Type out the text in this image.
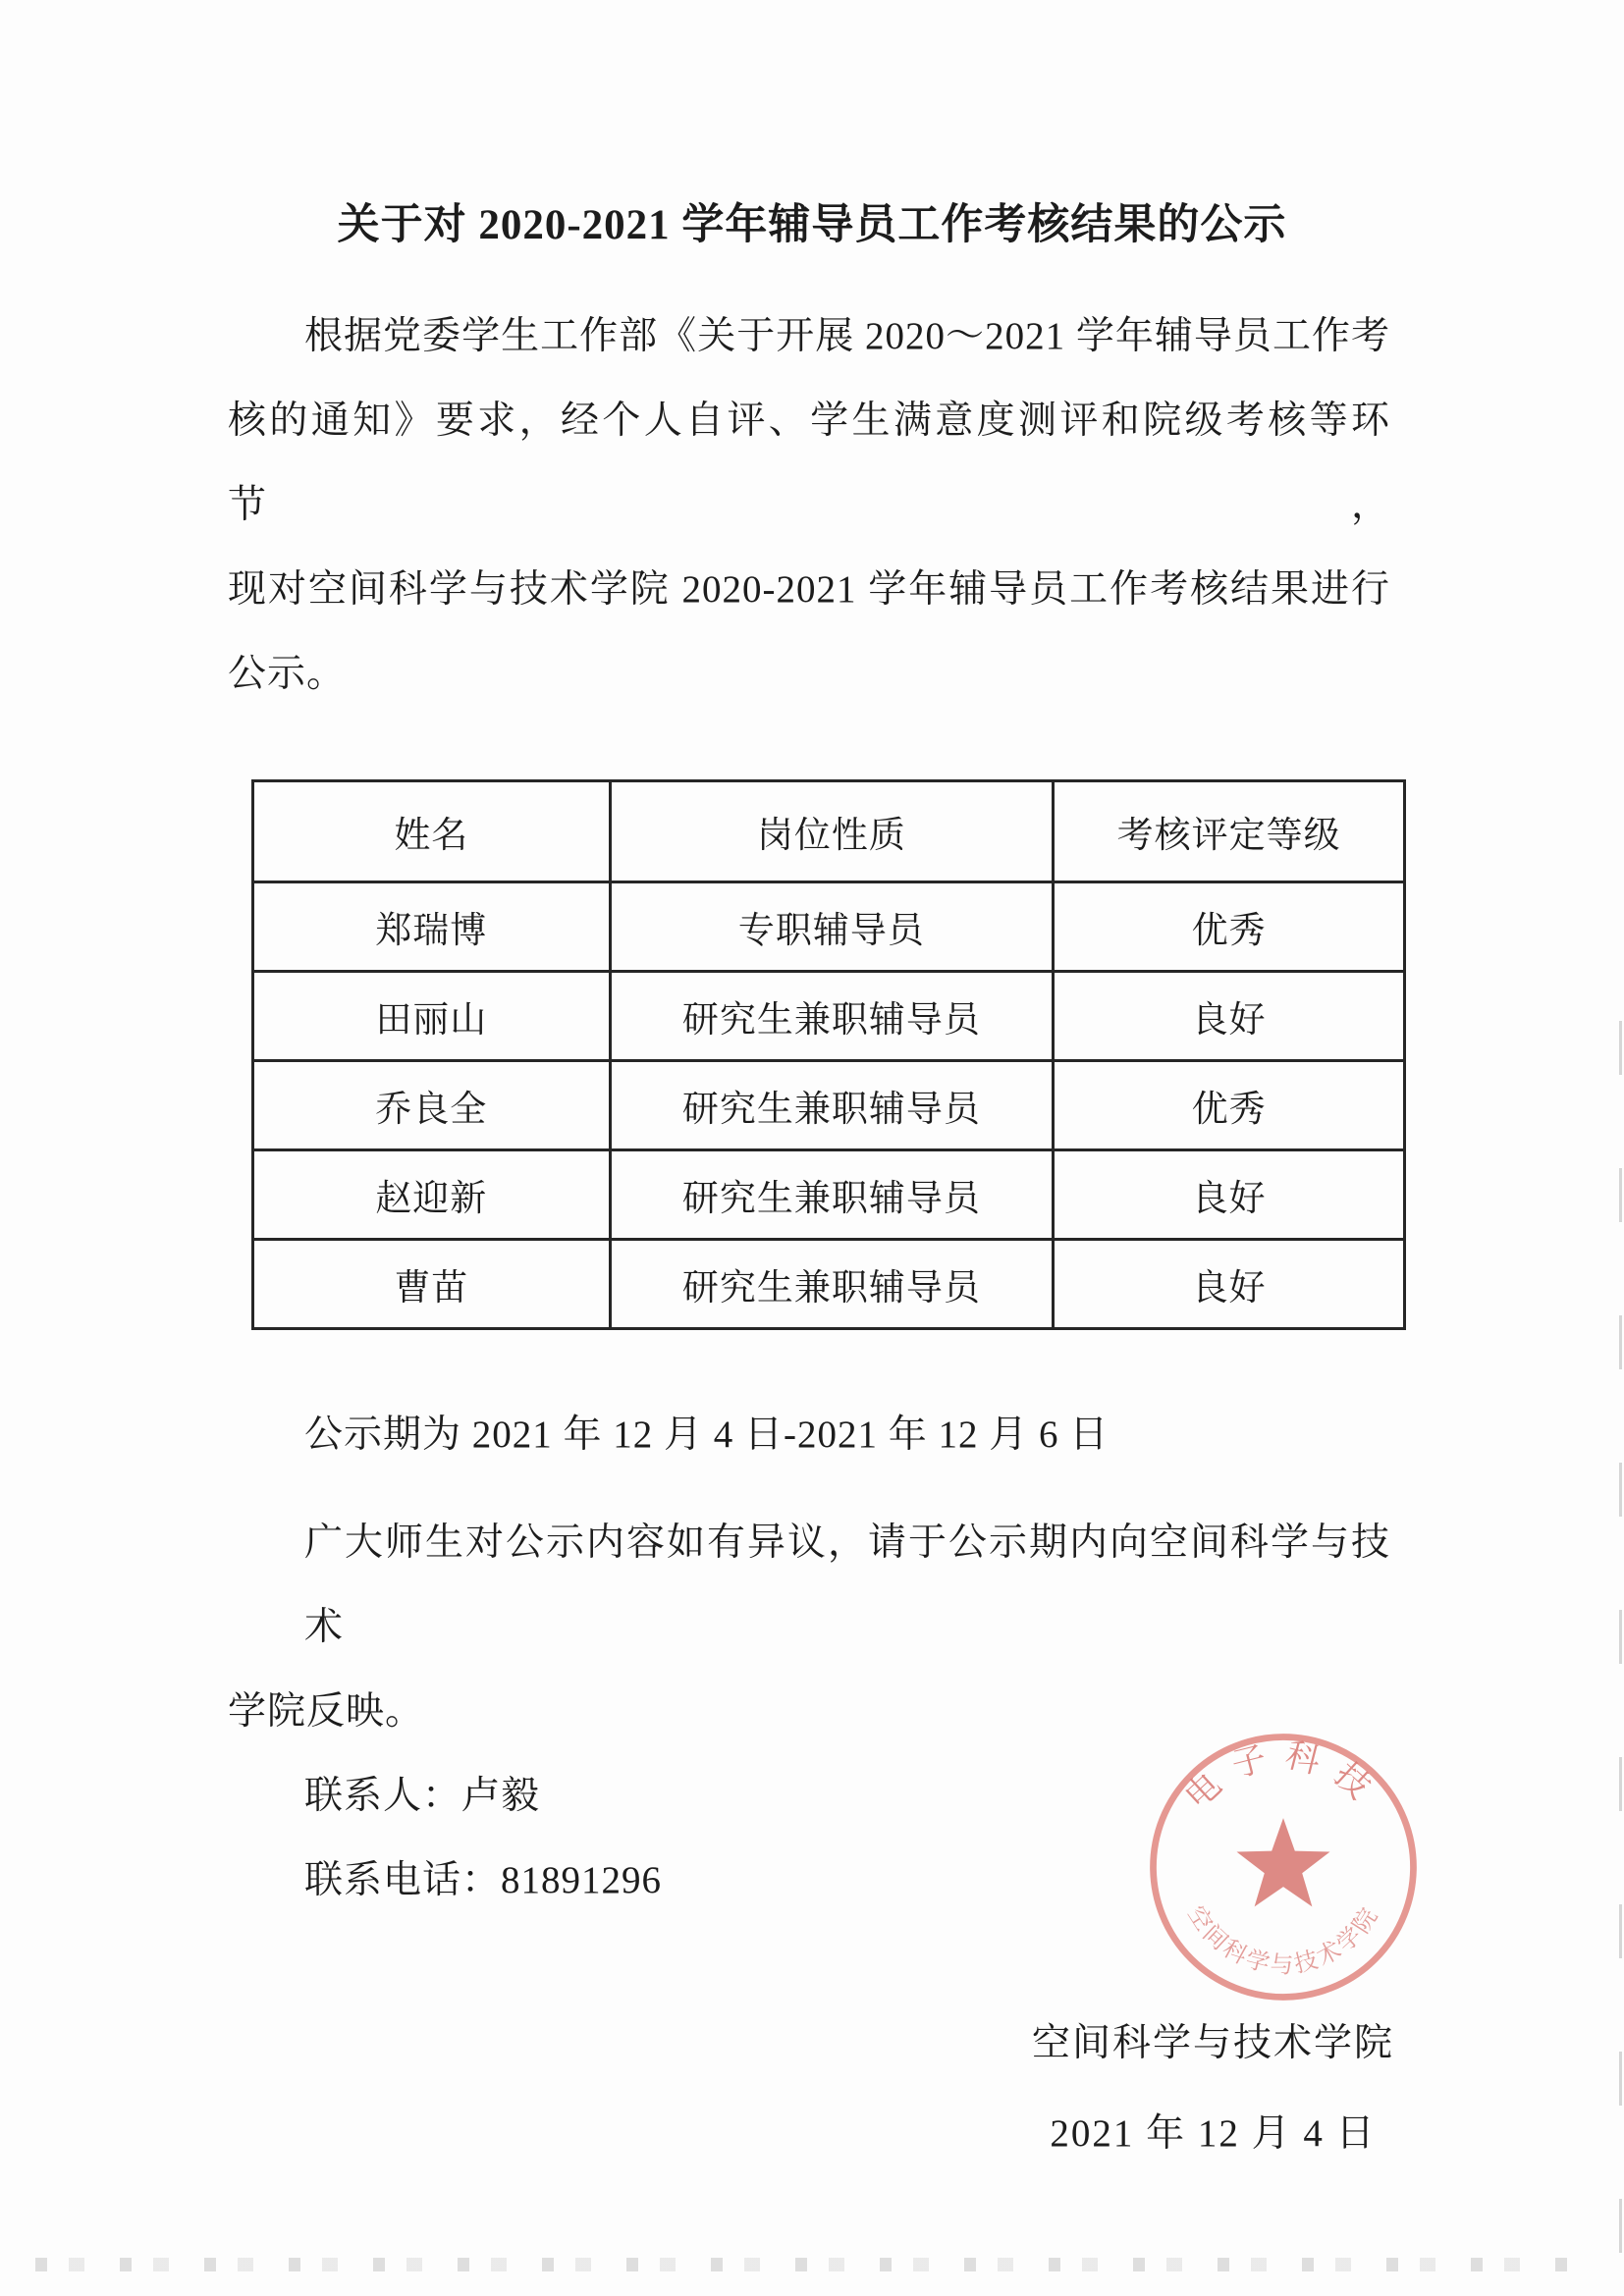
关于对 2020-2021 学年辅导员工作考核结果的公示
根据党委学生工作部《关于开展 2020～2021 学年辅导员工作考
核的通知》要求，经个人自评、学生满意度测评和院级考核等环节，
现对空间科学与技术学院 2020-2021 学年辅导员工作考核结果进行
公示。
姓名	岗位性质	考核评定等级
郑瑞博	专职辅导员	优秀
田丽山	研究生兼职辅导员	良好
乔良全	研究生兼职辅导员	优秀
赵迎新	研究生兼职辅导员	良好
曹苗	研究生兼职辅导员	良好
公示期为 2021 年 12 月 4 日-2021 年 12 月 6 日
广大师生对公示内容如有异议，请于公示期内向空间科学与技术
学院反映。
联系人：卢毅
联系电话：81891296
空间科学与技术学院
2021 年 12 月 4 日
电子科技
空间科学与技术学院
